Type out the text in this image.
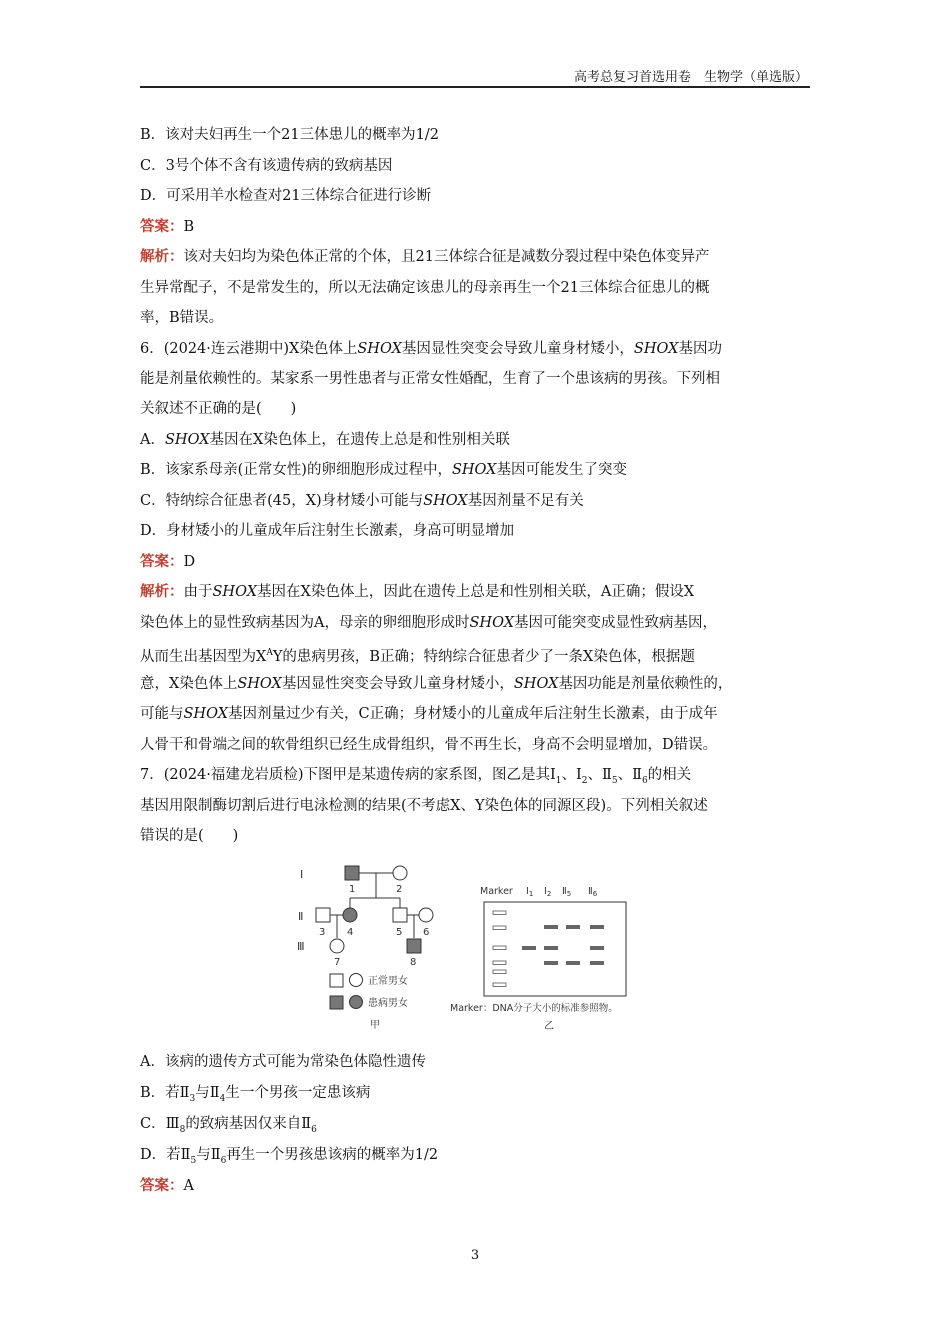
高考总复习首选用卷　生物学（单选版）
B．该对夫妇再生一个21三体患儿的概率为1/2
C．3号个体不含有该遗传病的致病基因
D．可采用羊水检查对21三体综合征进行诊断
答案：B
解析：该对夫妇均为染色体正常的个体，且21三体综合征是减数分裂过程中染色体变异产
生异常配子，不是常发生的，所以无法确定该患儿的母亲再生一个21三体综合征患儿的概
率，B错误。
6．(2024·连云港期中)X染色体上SHOX基因显性突变会导致儿童身材矮小，SHOX基因功
能是剂量依赖性的。某家系一男性患者与正常女性婚配，生育了一个患该病的男孩。下列相
关叙述不正确的是(　　)
A．SHOX基因在X染色体上，在遗传上总是和性别相关联
B．该家系母亲(正常女性)的卵细胞形成过程中，SHOX基因可能发生了突变
C．特纳综合征患者(45，X)身材矮小可能与SHOX基因剂量不足有关
D．身材矮小的儿童成年后注射生长激素，身高可明显增加
答案：D
解析：由于SHOX基因在X染色体上，因此在遗传上总是和性别相关联，A正确；假设X
染色体上的显性致病基因为A，母亲的卵细胞形成时SHOX基因可能突变成显性致病基因，
从而生出基因型为$X^AY$的患病男孩，B正确；特纳综合征患者少了一条X染色体，根据题
意，X染色体上SHOX基因显性突变会导致儿童身材矮小，SHOX基因功能是剂量依赖性的，
可能与SHOX基因剂量过少有关，C正确；身材矮小的儿童成年后注射生长激素，由于成年
人骨干和骨端之间的软骨组织已经生成骨组织，骨不再生长，身高不会明显增加，D错误。
7．(2024·福建龙岩质检)下图甲是某遗传病的家系图，图乙是其$Ⅰ_1$、$Ⅰ_2$、$Ⅱ_5$、$Ⅱ_6$的相关
基因用限制酶切割后进行电泳检测的结果(不考虑X、Y染色体的同源区段)。下列相关叙述
错误的是(　　)
Ⅰ
Ⅱ
Ⅲ
1	2
3 4	5 6
7	8
正常男女
患病男女
甲
Marker $Ⅰ_1$ $Ⅰ_2$ $Ⅱ_5$ $Ⅱ_6$
Marker：DNA分子大小的标准参照物。
乙
A．该病的遗传方式可能为常染色体隐性遗传
B．若$Ⅱ_3$与$Ⅱ_4$生一个男孩一定患该病
C．$Ⅲ_8$的致病基因仅来自$Ⅱ_6$
D．若$Ⅱ_5$与$Ⅱ_6$再生一个男孩患该病的概率为1/2
答案：A
3
